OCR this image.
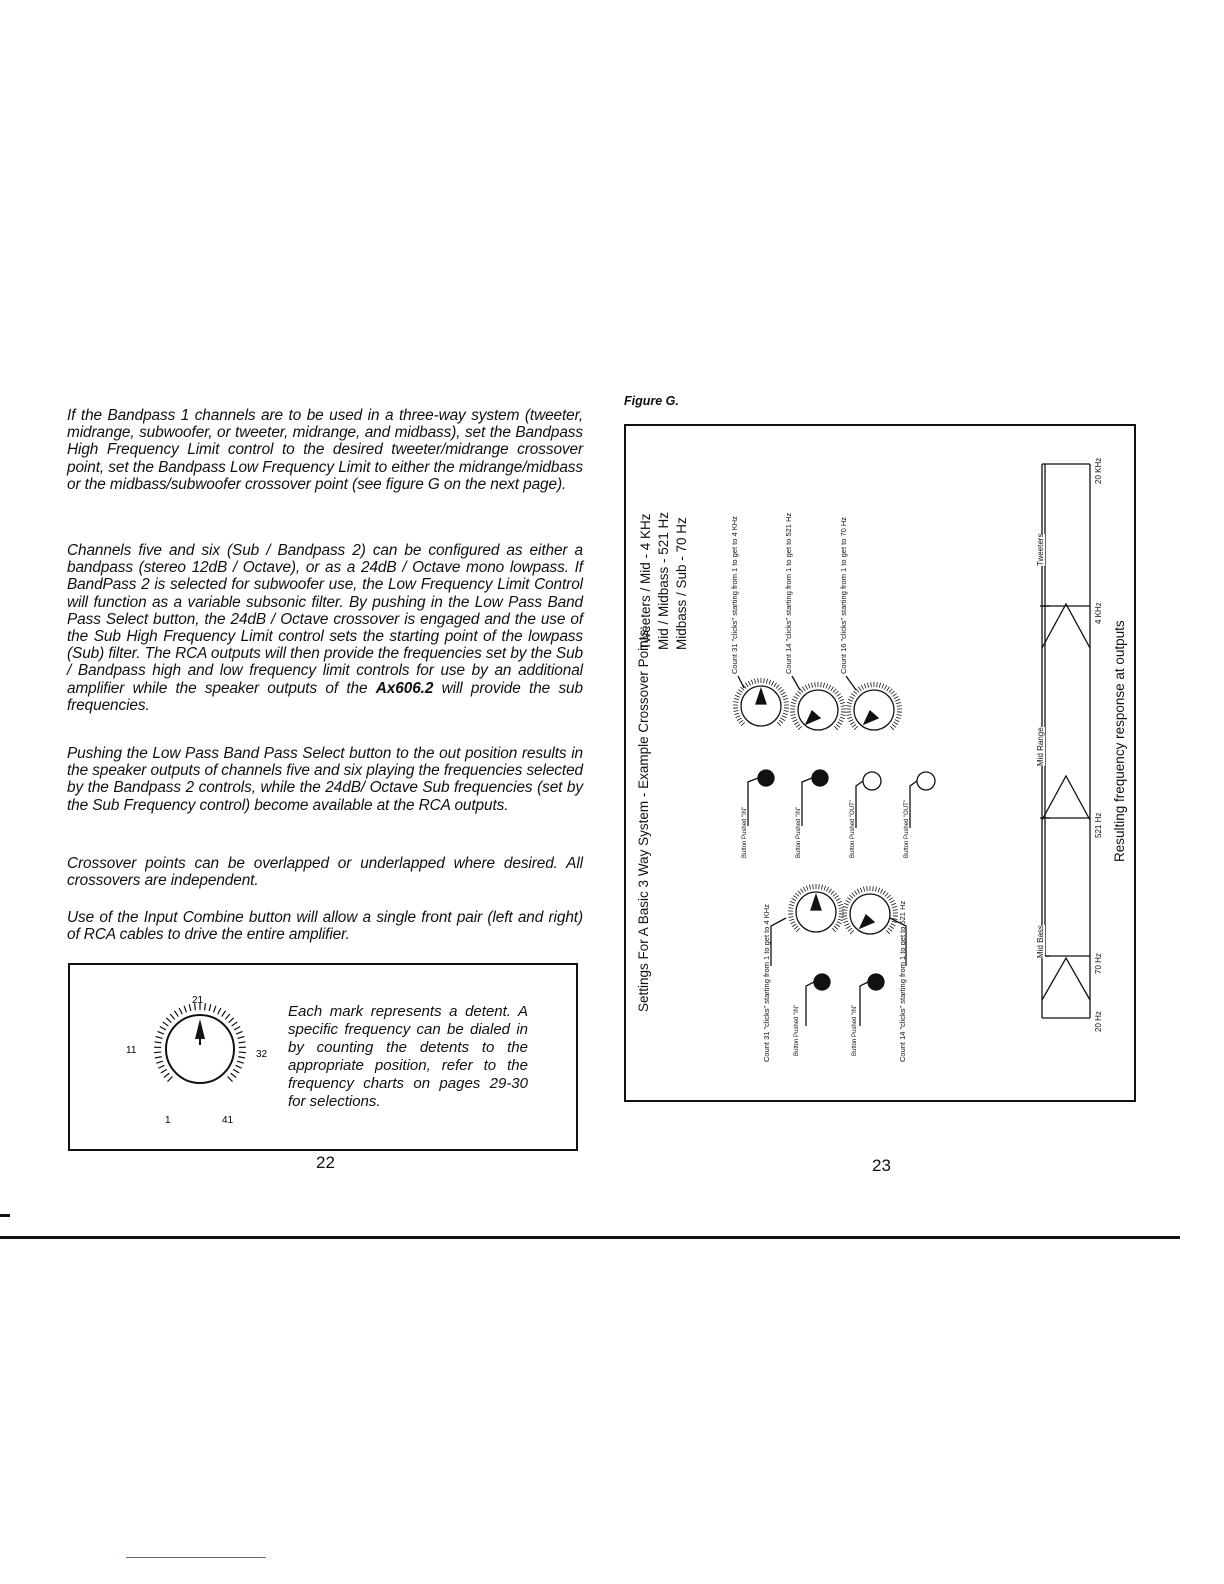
If the Bandpass 1 channels are to be used in a three-way system (tweeter, midrange, subwoofer, or tweeter, midrange, and midbass), set the Bandpass High Frequency Limit control to the desired tweeter/midrange crossover point, set the Bandpass Low Frequency Limit to either the midrange/midbass or the midbass/subwoofer crossover point (see figure G on the next page).

Channels five and six (Sub / Bandpass 2) can be configured as either a bandpass (stereo 12dB / Octave), or as a 24dB / Octave mono lowpass. If BandPass 2 is selected for subwoofer use, the Low Frequency Limit Control will function as a variable subsonic filter. By pushing in the Low Pass Band Pass Select button, the 24dB / Octave crossover is engaged and the use of the Sub High Frequency Limit control sets the starting point of the lowpass (Sub) filter. The RCA outputs will then provide the frequencies set by the Sub / Bandpass high and low frequency limit controls for use by an additional amplifier while the speaker outputs of the Ax606.2 will provide the sub frequencies.

Pushing the Low Pass Band Pass Select button to the out position results in the speaker outputs of channels five and six playing the frequencies selected by the Bandpass 2 controls, while the 24dB/ Octave Sub frequencies (set by the Sub Frequency control) become available at the RCA outputs.

Crossover points can be overlapped or underlapped where desired. All crossovers are independent.

Use of the Input Combine button will allow a single front pair (left and right) of RCA cables to drive the entire amplifier.

21
11	32
1	41

Each mark represents a detent. A specific frequency can be dialed in by counting the detents to the appropriate position, refer to the frequency charts on pages 29-30 for selections.

22

Figure G.

Settings For A Basic 3 Way System - Example Crossover Points:
Tweeters / Mid - 4 KHz Mid / Midbass - 521 Hz Midbass / Sub - 70 Hz	Count 31 "clicks" starting from 1 to get to 4 KHz	Count 14 "clicks" starting from 1 to get to 521 Hz	Count 16 "clicks" starting from 1 to get to 70 Hz
Count 31 "clicks" starting from 1 to get to 4 KHz	Count 14 "clicks" starting from 1 to get to 521 Hz
Button Pushed "IN"	Button Pushed "IN"	Button Pushed "OUT"	Button Pushed "OUT"
Button Pushed "IN"	Button Pushed "IN"
Mid Bass
Mid Range
Tweeters
20 Hz
70 Hz
521 Hz
4 KHz
20 KHz
Resulting frequency response at outputs
23
